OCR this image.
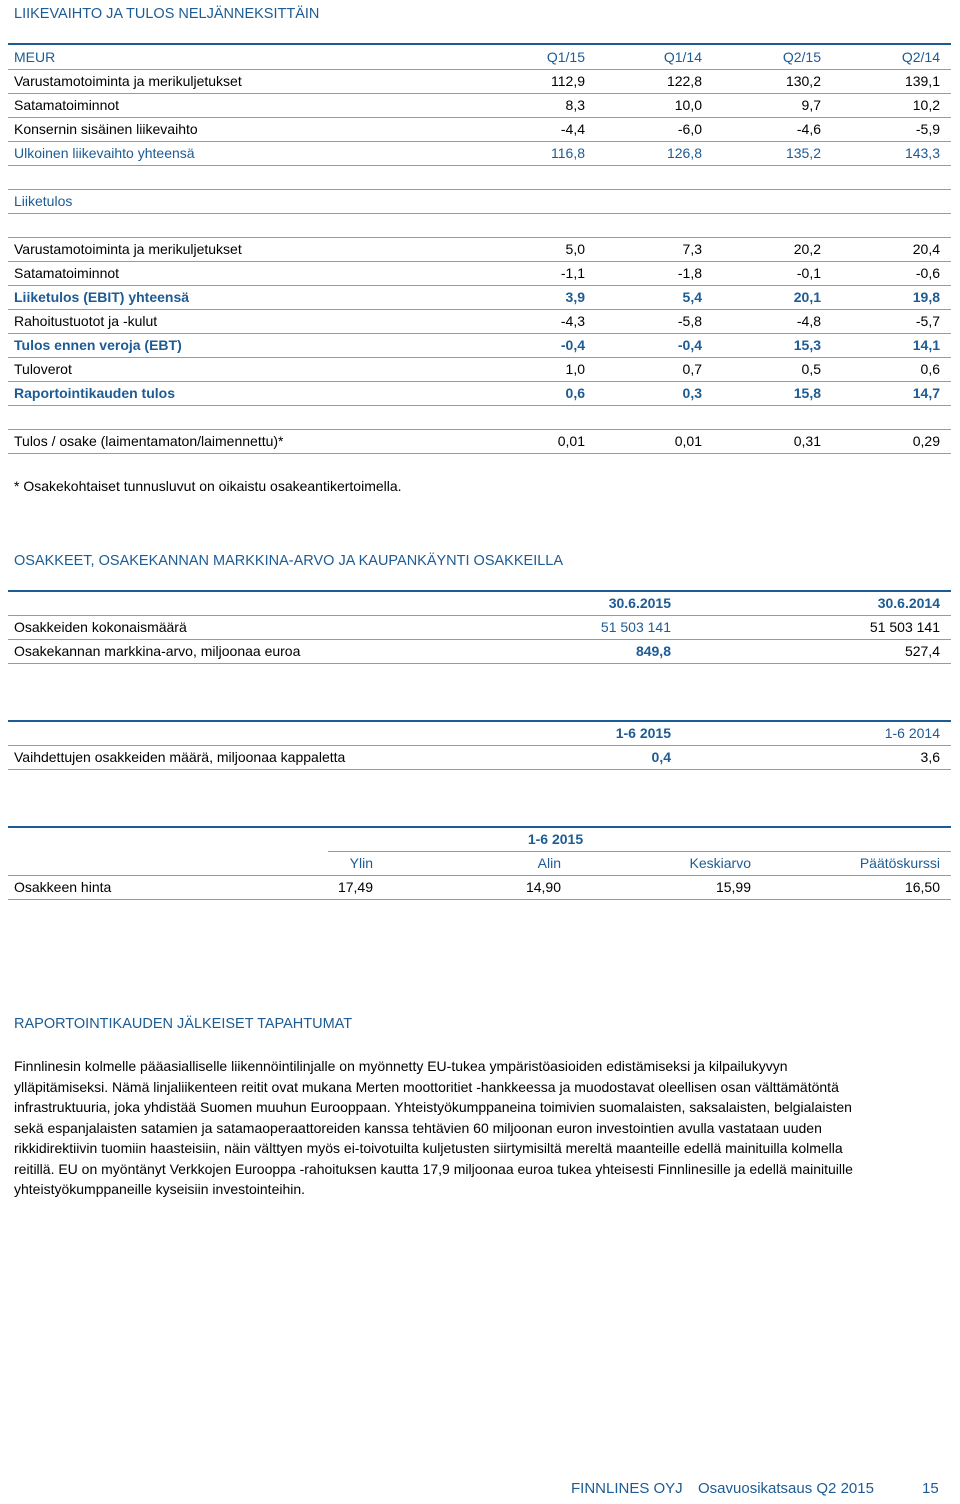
LIIKEVAIHTO JA TULOS NELJÄNNEKSITTÄIN
MEUR	Q1/15	Q1/14	Q2/15	Q2/14
Varustamotoiminta ja merikuljetukset	112,9	122,8	130,2	139,1
Satamatoiminnot	8,3	10,0	9,7	10,2
Konsernin sisäinen liikevaihto	-4,4	-6,0	-4,6	-5,9
Ulkoinen liikevaihto yhteensä	116,8	126,8	135,2	143,3
Liiketulos
Varustamotoiminta ja merikuljetukset	5,0	7,3	20,2	20,4
Satamatoiminnot	-1,1	-1,8	-0,1	-0,6
Liiketulos (EBIT) yhteensä	3,9	5,4	20,1	19,8
Rahoitustuotot ja -kulut	-4,3	-5,8	-4,8	-5,7
Tulos ennen veroja (EBT)	-0,4	-0,4	15,3	14,1
Tuloverot	1,0	0,7	0,5	0,6
Raportointikauden tulos	0,6	0,3	15,8	14,7
Tulos / osake (laimentamaton/laimennettu)*	0,01	0,01	0,31	0,29
* Osakekohtaiset tunnusluvut on oikaistu osakeantikertoimella.
OSAKKEET, OSAKEKANNAN MARKKINA-ARVO JA KAUPANKÄYNTI OSAKKEILLA
30.6.2015	30.6.2014
Osakkeiden kokonaismäärä	51 503 141	51 503 141
Osakekannan markkina-arvo, miljoonaa euroa	849,8	527,4
1-6 2015	1-6 2014
Vaihdettujen osakkeiden määrä, miljoonaa kappaletta	0,4	3,6
1-6 2015
Ylin	Alin	Keskiarvo	Päätöskurssi
Osakkeen hinta	17,49	14,90	15,99	16,50
RAPORTOINTIKAUDEN JÄLKEISET TAPAHTUMAT
Finnlinesin kolmelle pääasialliselle liikennöintilinjalle on myönnetty EU-tukea ympäristöasioiden edistämiseksi ja kilpailukyvyn
ylläpitämiseksi. Nämä linjaliikenteen reitit ovat mukana Merten moottoritiet -hankkeessa ja muodostavat oleellisen osan välttämätöntä
infrastruktuuria, joka yhdistää Suomen muuhun Eurooppaan. Yhteistyökumppaneina toimivien suomalaisten, saksalaisten, belgialaisten
sekä espanjalaisten satamien ja satamaoperaattoreiden kanssa tehtävien 60 miljoonan euron investointien avulla vastataan uuden
rikkidirektiivin tuomiin haasteisiin, näin välttyen myös ei-toivotuilta kuljetusten siirtymisiltä mereltä maanteille edellä mainituilla kolmella
reitillä. EU on myöntänyt Verkkojen Eurooppa -rahoituksen kautta 17,9 miljoonaa euroa tukea yhteisesti Finnlinesille ja edellä mainituille
yhteistyökumppaneille kyseisiin investointeihin.
FINNLINES OYJ Osavuosikatsaus Q2 2015	15
